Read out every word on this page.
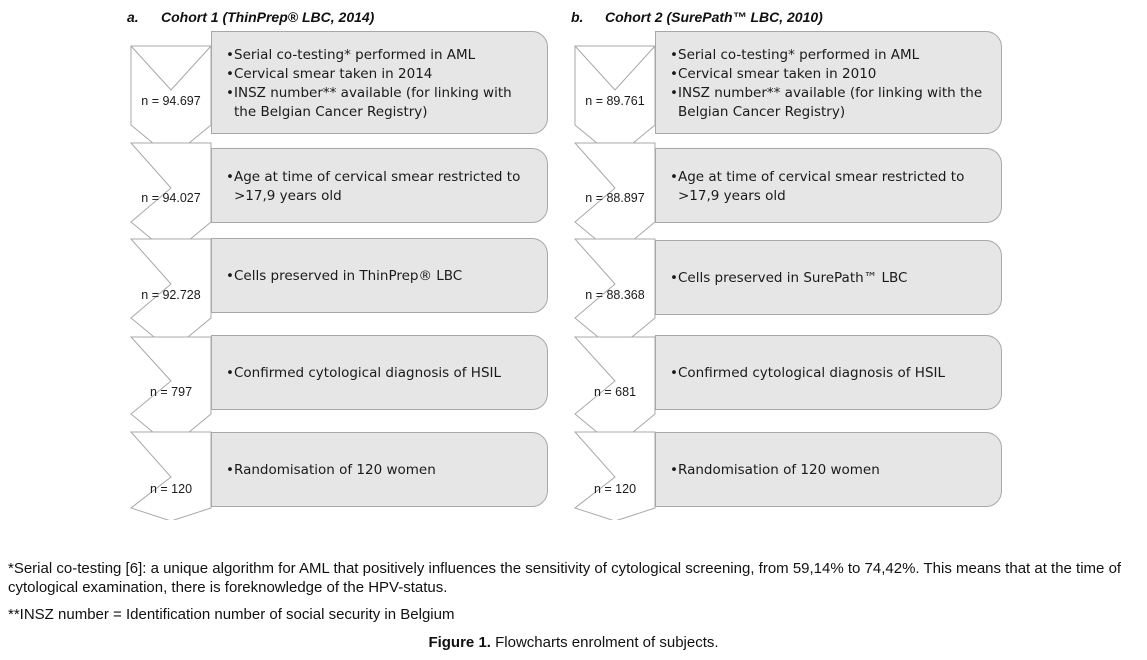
a. Cohort 1 (ThinPrep® LBC, 2014)
n = 94.697
n = 94.027
n = 92.728
n = 797
n = 120
• Serial co-testing* performed in AML
• Cervical smear taken in 2014
• INSZ number** available (for linking with the Belgian Cancer Registry)
• Age at time of cervical smear restricted to >17,9 years old
• Cells preserved in ThinPrep® LBC
• Confirmed cytological diagnosis of HSIL
• Randomisation of 120 women
b. Cohort 2 (SurePath™ LBC, 2010)
n = 89.761
n = 88.897
n = 88.368
n = 681
n = 120
• Serial co-testing* performed in AML
• Cervical smear taken in 2010
• INSZ number** available (for linking with the Belgian Cancer Registry)
• Age at time of cervical smear restricted to >17,9 years old
• Cells preserved in SurePath™ LBC
• Confirmed cytological diagnosis of HSIL
• Randomisation of 120 women
*Serial co-testing [6]: a unique algorithm for AML that positively influences the sensitivity of cytological screening, from 59,14% to 74,42%. This means that at the time of cytological examination, there is foreknowledge of the HPV-status.
**INSZ number = Identification number of social security in Belgium
Figure 1. Flowcharts enrolment of subjects.
